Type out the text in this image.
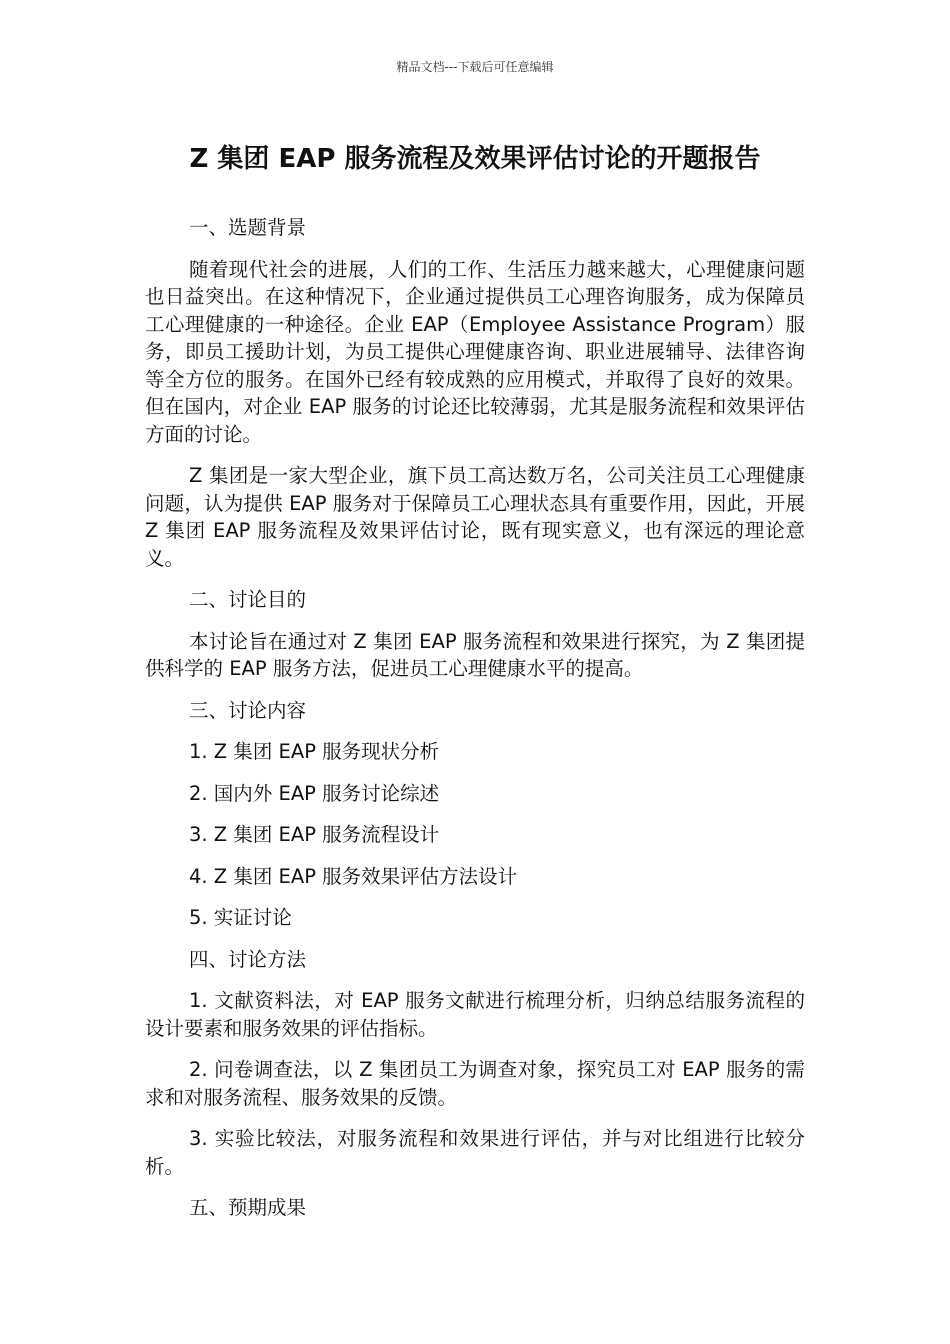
精品文档---下载后可任意编辑
Z 集团 EAP 服务流程及效果评估讨论的开题报告

一、选题背景

随着现代社会的进展，人们的工作、生活压力越来越大，心理健康问题也日益突出。在这种情况下，企业通过提供员工心理咨询服务，成为保障员工心理健康的一种途径。企业 EAP（Employee Assistance Program）服务，即员工援助计划，为员工提供心理健康咨询、职业进展辅导、法律咨询等全方位的服务。在国外已经有较成熟的应用模式，并取得了良好的效果。但在国内，对企业 EAP 服务的讨论还比较薄弱，尤其是服务流程和效果评估方面的讨论。

Z 集团是一家大型企业，旗下员工高达数万名，公司关注员工心理健康问题，认为提供 EAP 服务对于保障员工心理状态具有重要作用，因此，开展 Z 集团 EAP 服务流程及效果评估讨论，既有现实意义，也有深远的理论意义。

二、讨论目的

本讨论旨在通过对 Z 集团 EAP 服务流程和效果进行探究，为 Z 集团提供科学的 EAP 服务方法，促进员工心理健康水平的提高。

三、讨论内容

1. Z 集团 EAP 服务现状分析

2. 国内外 EAP 服务讨论综述

3. Z 集团 EAP 服务流程设计

4. Z 集团 EAP 服务效果评估方法设计

5. 实证讨论

四、讨论方法

1. 文献资料法，对 EAP 服务文献进行梳理分析，归纳总结服务流程的设计要素和服务效果的评估指标。

2. 问卷调查法，以 Z 集团员工为调查对象，探究员工对 EAP 服务的需求和对服务流程、服务效果的反馈。

3. 实验比较法，对服务流程和效果进行评估，并与对比组进行比较分析。

五、预期成果
